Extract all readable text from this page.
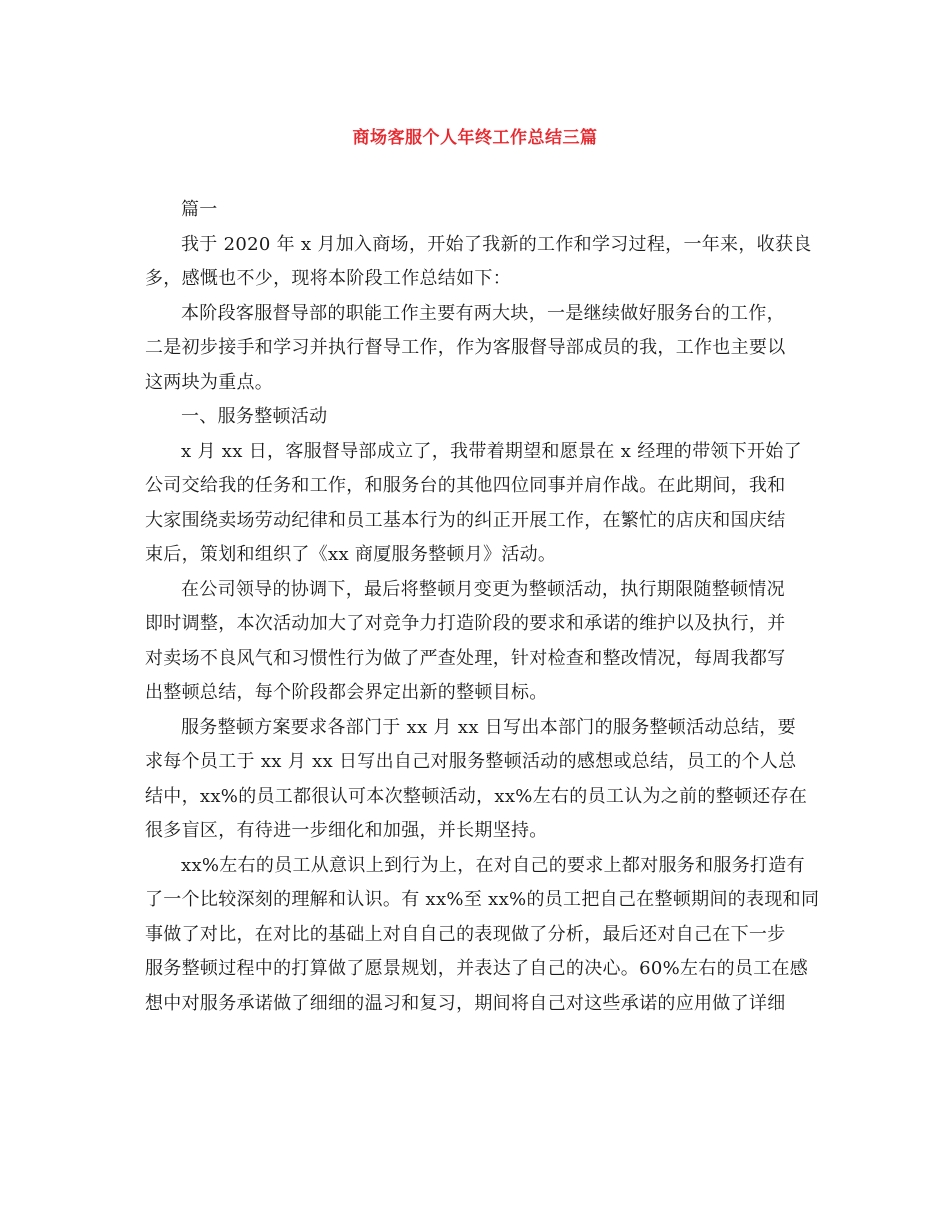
商场客服个人年终工作总结三篇
篇一
我于 2020 年 x 月加入商场，开始了我新的工作和学习过程，一年来，收获良
多，感慨也不少，现将本阶段工作总结如下：
本阶段客服督导部的职能工作主要有两大块，一是继续做好服务台的工作，
二是初步接手和学习并执行督导工作，作为客服督导部成员的我，工作也主要以
这两块为重点。
一、服务整顿活动
x 月 xx 日，客服督导部成立了，我带着期望和愿景在 x 经理的带领下开始了
公司交给我的任务和工作，和服务台的其他四位同事并肩作战。在此期间，我和
大家围绕卖场劳动纪律和员工基本行为的纠正开展工作，在繁忙的店庆和国庆结
束后，策划和组织了《xx 商厦服务整顿月》活动。
在公司领导的协调下，最后将整顿月变更为整顿活动，执行期限随整顿情况
即时调整，本次活动加大了对竞争力打造阶段的要求和承诺的维护以及执行，并
对卖场不良风气和习惯性行为做了严查处理，针对检查和整改情况，每周我都写
出整顿总结，每个阶段都会界定出新的整顿目标。
服务整顿方案要求各部门于 xx 月 xx 日写出本部门的服务整顿活动总结，要
求每个员工于 xx 月 xx 日写出自己对服务整顿活动的感想或总结，员工的个人总
结中，xx%的员工都很认可本次整顿活动，xx%左右的员工认为之前的整顿还存在
很多盲区，有待进一步细化和加强，并长期坚持。
xx%左右的员工从意识上到行为上，在对自己的要求上都对服务和服务打造有
了一个比较深刻的理解和认识。有 xx%至 xx%的员工把自己在整顿期间的表现和同
事做了对比，在对比的基础上对自自己的表现做了分析，最后还对自己在下一步
服务整顿过程中的打算做了愿景规划，并表达了自己的决心。60%左右的员工在感
想中对服务承诺做了细细的温习和复习，期间将自己对这些承诺的应用做了详细
